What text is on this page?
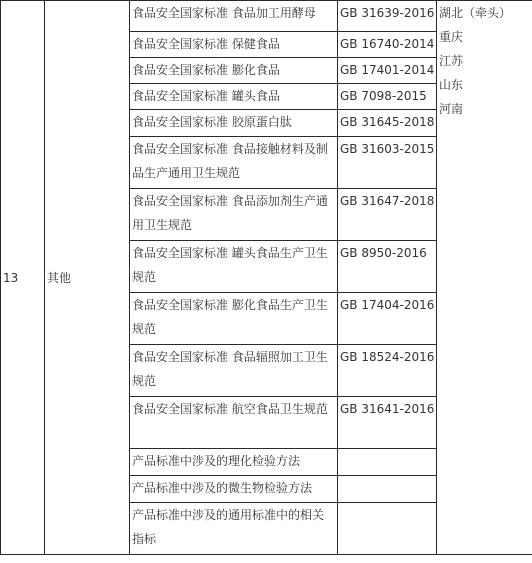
13	其他	食品安全国家标准 食品加工用酵母	GB 31639-2016	湖北（牵头）
重庆
江苏
山东
河南

		食品安全国家标准 保健食品	GB 16740-2014	
		食品安全国家标准 膨化食品	GB 17401-2014	
		食品安全国家标准 罐头食品	GB 7098-2015	
		食品安全国家标准 胶原蛋白肽	GB 31645-2018	
		食品安全国家标准 食品接触材料及制品生产通用卫生规范	GB 31603-2015	
		食品安全国家标准 食品添加剂生产通用卫生规范	GB 31647-2018	
		食品安全国家标准 罐头食品生产卫生规范	GB 8950-2016	
		食品安全国家标准 膨化食品生产卫生规范	GB 17404-2016	
		食品安全国家标准 食品辐照加工卫生规范	GB 18524-2016	
		食品安全国家标准 航空食品卫生规范	GB 31641-2016	
		产品标准中涉及的理化检验方法		
		产品标准中涉及的微生物检验方法		
		产品标准中涉及的通用标准中的相关指标		
